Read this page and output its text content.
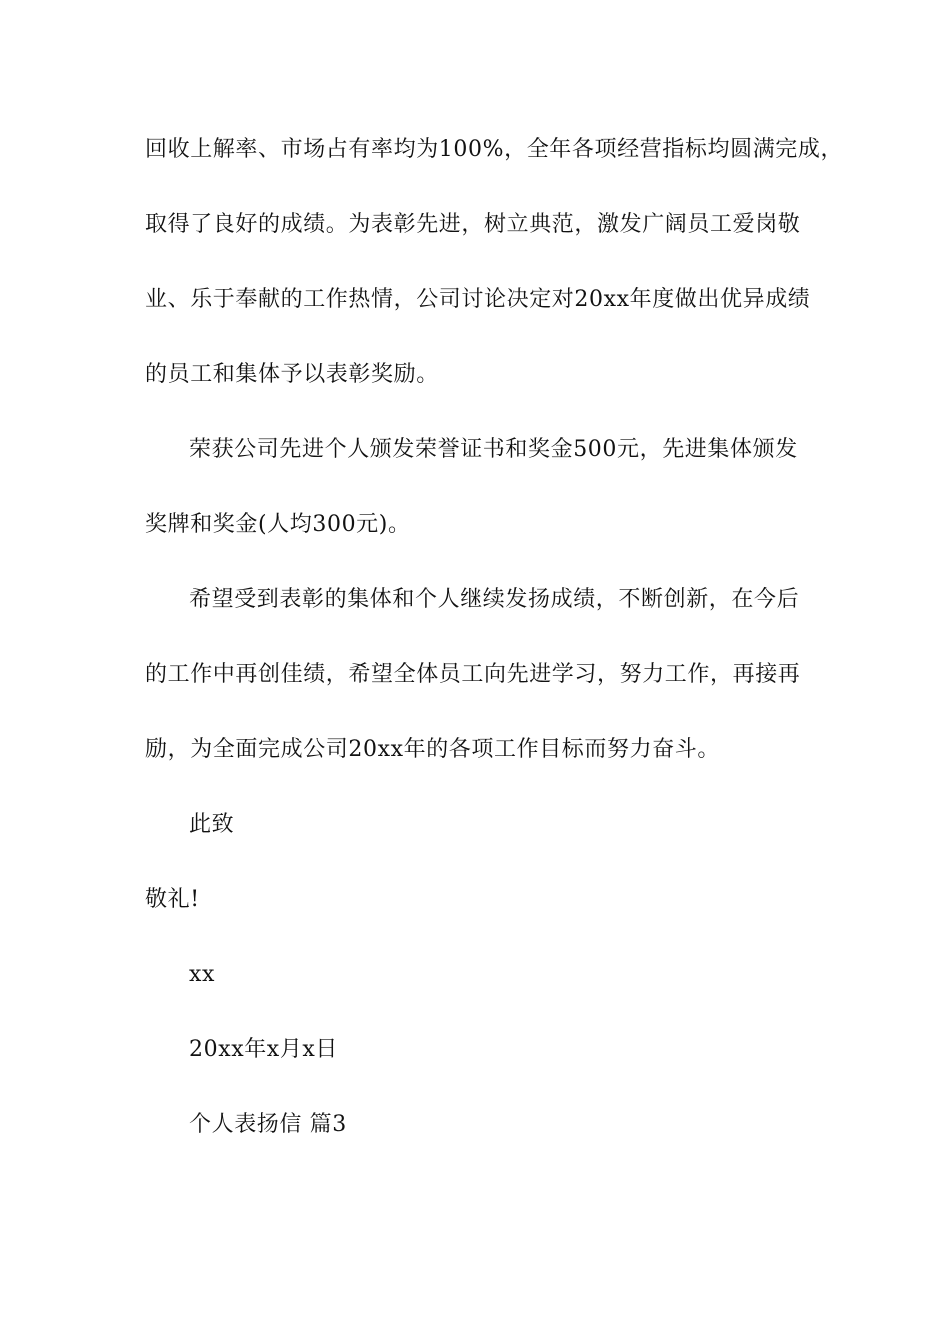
回收上解率、市场占有率均为100%，全年各项经营指标均圆满完成，

取得了良好的成绩。为表彰先进，树立典范，激发广阔员工爱岗敬

业、乐于奉献的工作热情，公司讨论决定对20xx年度做出优异成绩

的员工和集体予以表彰奖励。

荣获公司先进个人颁发荣誉证书和奖金500元，先进集体颁发

奖牌和奖金(人均300元)。

希望受到表彰的集体和个人继续发扬成绩，不断创新，在今后

的工作中再创佳绩，希望全体员工向先进学习，努力工作，再接再

励，为全面完成公司20xx年的各项工作目标而努力奋斗。

此致

敬礼!

xx

20xx年x月x日

个人表扬信 篇3
